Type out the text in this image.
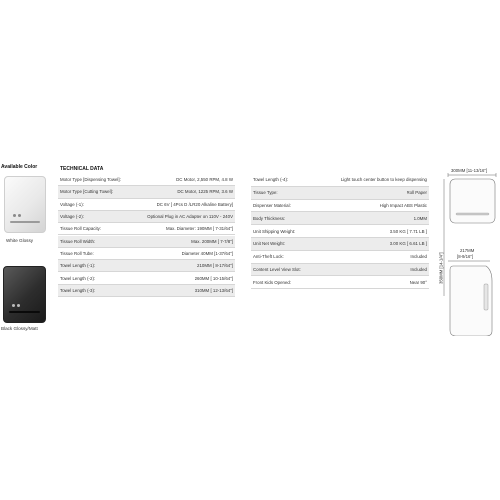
Available Color
White Glossy
Black Glossy/Matt
TECHNICAL DATA
Motor Type [Dispensing Towel]:	DC Motor, 2,550 RPM, 4.8 W
Motor Type [Cutting Towel]:	DC Motor, 1225 RPM, 3.6 W
Voltage (-1):	DC 6V [ 4Pcs D /LR20 Alkaline Battery]
Voltage (-2):	Optional Plug in AC Adapter on 110V - 240V
Tissue Roll Capacity:	Max. Diameter: 190MM [ 7-31/64"]
Tissue Roll Width:	Max. 200MM [ 7-7/8"]
Tissue Roll Tube:	Diameter 40MM [1-37/64"]
Towel Length (-1):	210MM [ 8-17/64"]
Towel Length (-2):	260MM [ 10-15/64"]
Towel Length (-3):	310MM [ 12-13/64"]
Towel Length (-4):	Light touch center button to keep dispensing
Tissue Type:	Roll Paper
Dispenser Material:	High Impact ABS Plastic
Body Thickness:	1.0MM
Unit Shipping Weight:	3.50 KG [ 7.71 LB ]
Unit Net Weight:	3.00 KG [ 6.61 LB ]
Anti-Theft Lock:	Included
Content Level View Slot:	Included
Front Kids Opened:	Near 90°
300MM [11-13/16"]
350MM [14-1/4"]
217MM
[8-9/16"]
